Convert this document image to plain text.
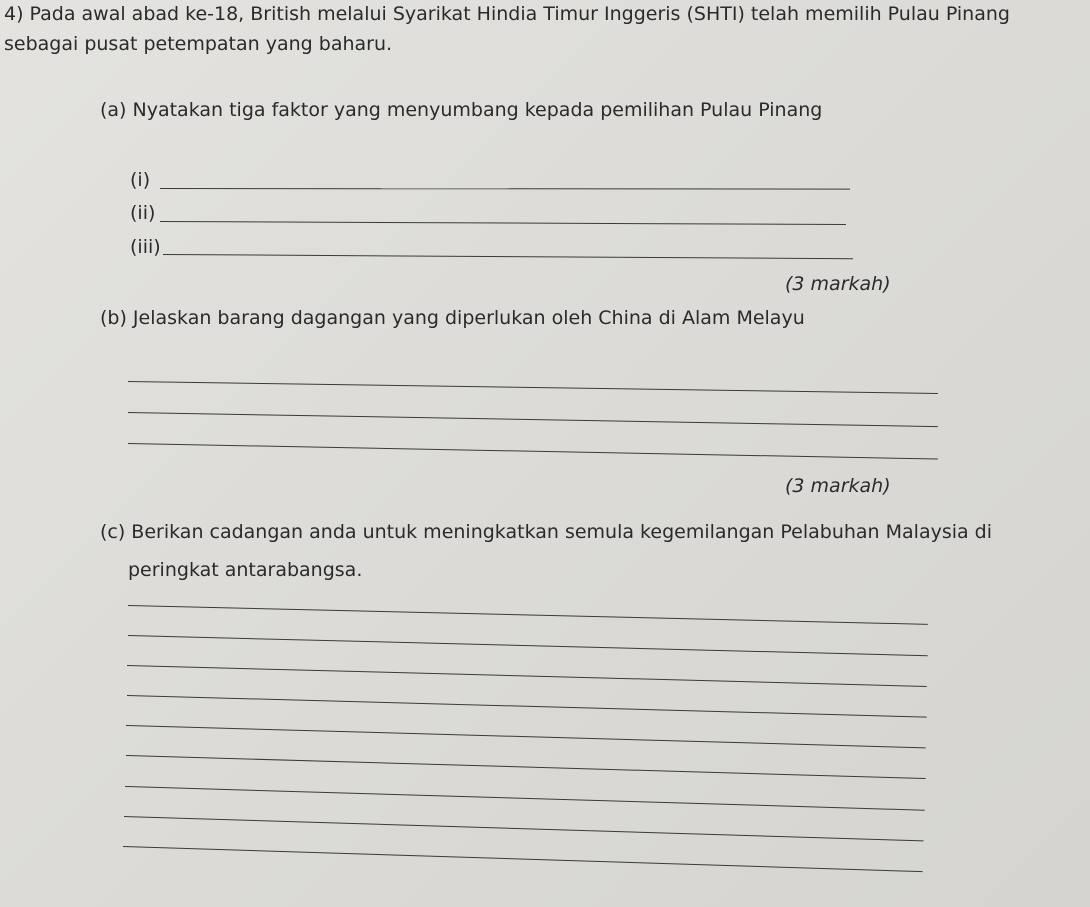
4) Pada awal abad ke-18, British melalui Syarikat Hindia Timur Inggeris (SHTI) telah memilih Pulau Pinang
sebagai pusat petempatan yang baharu.
(a) Nyatakan tiga faktor yang menyumbang kepada pemilihan Pulau Pinang
(i)
(ii)
(iii)
(3 markah)
(b) Jelaskan barang dagangan yang diperlukan oleh China di Alam Melayu
(3 markah)
(c) Berikan cadangan anda untuk meningkatkan semula kegemilangan Pelabuhan Malaysia di
peringkat antarabangsa.
